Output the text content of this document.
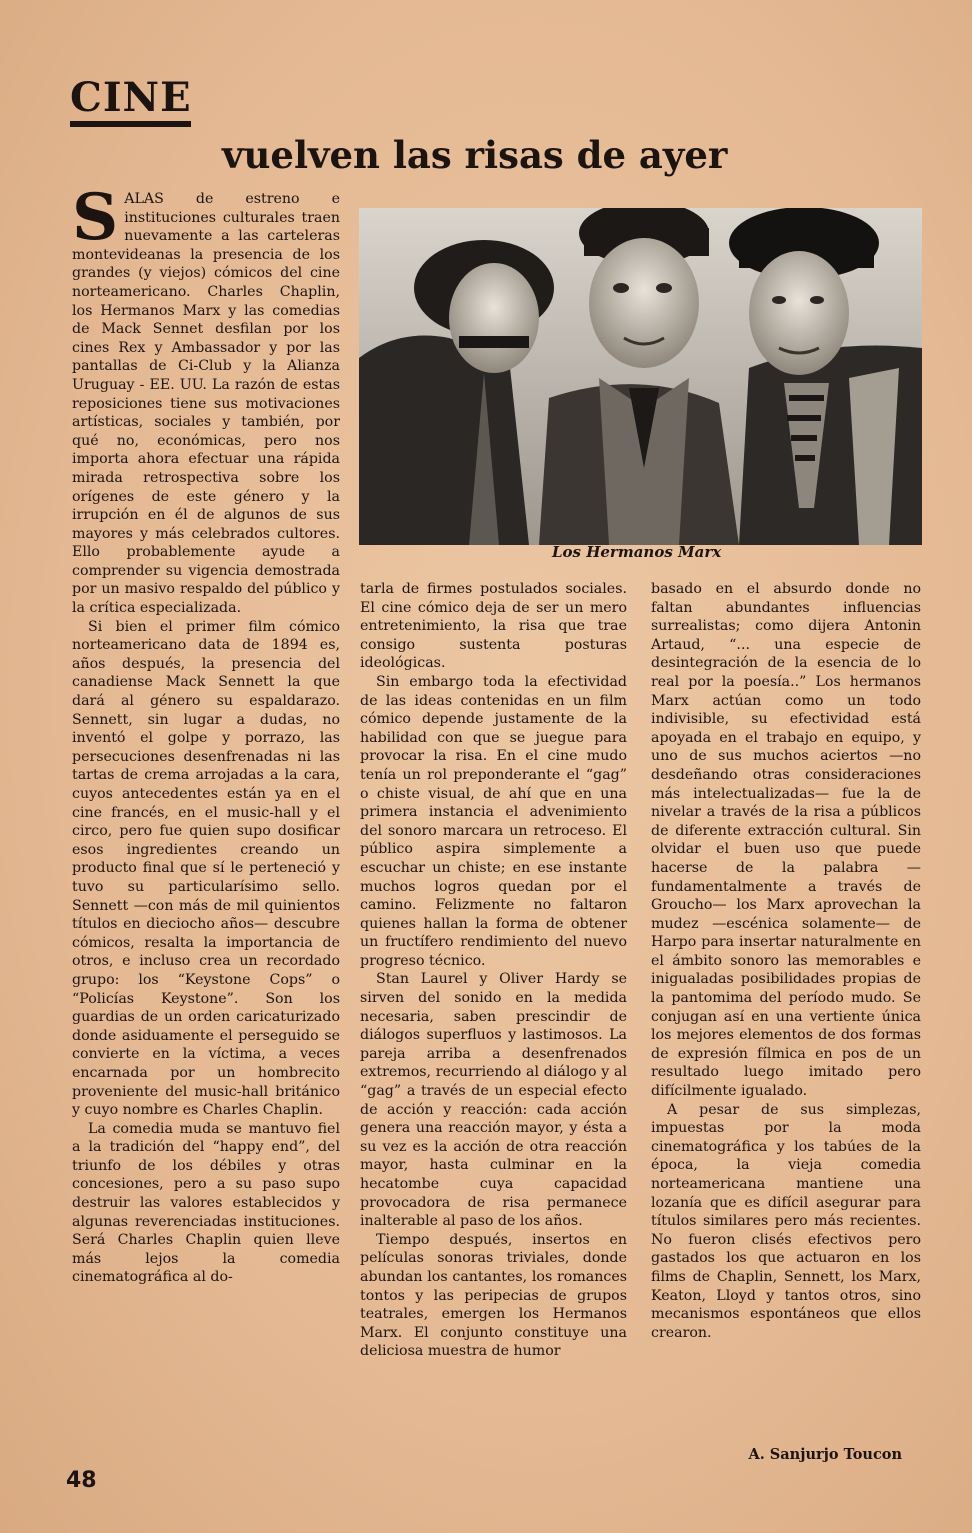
CINE
vuelven las risas de ayer

SALAS de estreno e instituciones culturales traen nuevamente a las carteleras montevideanas la presencia de los grandes (y viejos) cómicos del cine norteamericano. Charles Chaplin, los Hermanos Marx y las comedias de Mack Sennet desfilan por los cines Rex y Ambassador y por las pantallas de Ci-Club y la Alianza Uruguay - EE. UU. La razón de estas reposiciones tiene sus motivaciones artísticas, sociales y también, por qué no, económicas, pero nos importa ahora efectuar una rápida mirada retrospectiva sobre los orígenes de este género y la irrupción en él de algunos de sus mayores y más celebrados cultores. Ello probablemente ayude a comprender su vigencia demostrada por un masivo respaldo del público y la crítica especializada.

Si bien el primer film cómico norteamericano data de 1894 es, años después, la presencia del canadiense Mack Sennett la que dará al género su espaldarazo. Sennett, sin lugar a dudas, no inventó el golpe y porrazo, las persecuciones desenfrenadas ni las tartas de crema arrojadas a la cara, cuyos antecedentes están ya en el cine francés, en el music-hall y el circo, pero fue quien supo dosificar esos ingredientes creando un producto final que sí le perteneció y tuvo su particularísimo sello. Sennett —con más de mil quinientos títulos en dieciocho años— descubre cómicos, resalta la importancia de otros, e incluso crea un recordado grupo: los “Keystone Cops” o “Policías Keystone”. Son los guardias de un orden caricaturizado donde asiduamente el perseguido se convierte en la víctima, a veces encarnada por un hombrecito proveniente del music-hall británico y cuyo nombre es Charles Chaplin.

La comedia muda se mantuvo fiel a la tradición del “happy end”, del triunfo de los débiles y otras concesiones, pero a su paso supo destruir las valores establecidos y algunas reverenciadas instituciones. Será Charles Chaplin quien lleve más lejos la comedia cinematográfica al do-

Los Hermanos Marx

tarla de firmes postulados sociales. El cine cómico deja de ser un mero entretenimiento, la risa que trae consigo sustenta posturas ideológicas.

Sin embargo toda la efectividad de las ideas contenidas en un film cómico depende justamente de la habilidad con que se juegue para provocar la risa. En el cine mudo tenía un rol preponderante el “gag” o chiste visual, de ahí que en una primera instancia el advenimiento del sonoro marcara un retroceso. El público aspira simplemente a escuchar un chiste; en ese instante muchos logros quedan por el camino. Felizmente no faltaron quienes hallan la forma de obtener un fructífero rendimiento del nuevo progreso técnico.

Stan Laurel y Oliver Hardy se sirven del sonido en la medida necesaria, saben prescindir de diálogos superfluos y lastimosos. La pareja arriba a desenfrenados extremos, recurriendo al diálogo y al “gag” a través de un especial efecto de acción y reacción: cada acción genera una reacción mayor, y ésta a su vez es la acción de otra reacción mayor, hasta culminar en la hecatombe cuya capacidad provocadora de risa permanece inalterable al paso de los años.

Tiempo después, insertos en películas sonoras triviales, donde abundan los cantantes, los romances tontos y las peripecias de grupos teatrales, emergen los Hermanos Marx. El conjunto constituye una deliciosa muestra de humor

basado en el absurdo donde no faltan abundantes influencias surrealistas; como dijera Antonin Artaud, “... una especie de desintegración de la esencia de lo real por la poesía..” Los hermanos Marx actúan como un todo indivisible, su efectividad está apoyada en el trabajo en equipo, y uno de sus muchos aciertos —no desdeñando otras consideraciones más intelectualizadas— fue la de nivelar a través de la risa a públicos de diferente extracción cultural. Sin olvidar el buen uso que puede hacerse de la palabra —fundamentalmente a través de Groucho— los Marx aprovechan la mudez —escénica solamente— de Harpo para insertar naturalmente en el ámbito sonoro las memorables e inigualadas posibilidades propias de la pantomima del período mudo. Se conjugan así en una vertiente única los mejores elementos de dos formas de expresión fílmica en pos de un resultado luego imitado pero difícilmente igualado.

A pesar de sus simplezas, impuestas por la moda cinematográfica y los tabúes de la época, la vieja comedia norteamericana mantiene una lozanía que es difícil asegurar para títulos similares pero más recientes. No fueron clisés efectivos pero gastados los que actuaron en los films de Chaplin, Sennett, los Marx, Keaton, Lloyd y tantos otros, sino mecanismos espontáneos que ellos crearon.

A. Sanjurjo Toucon
48
